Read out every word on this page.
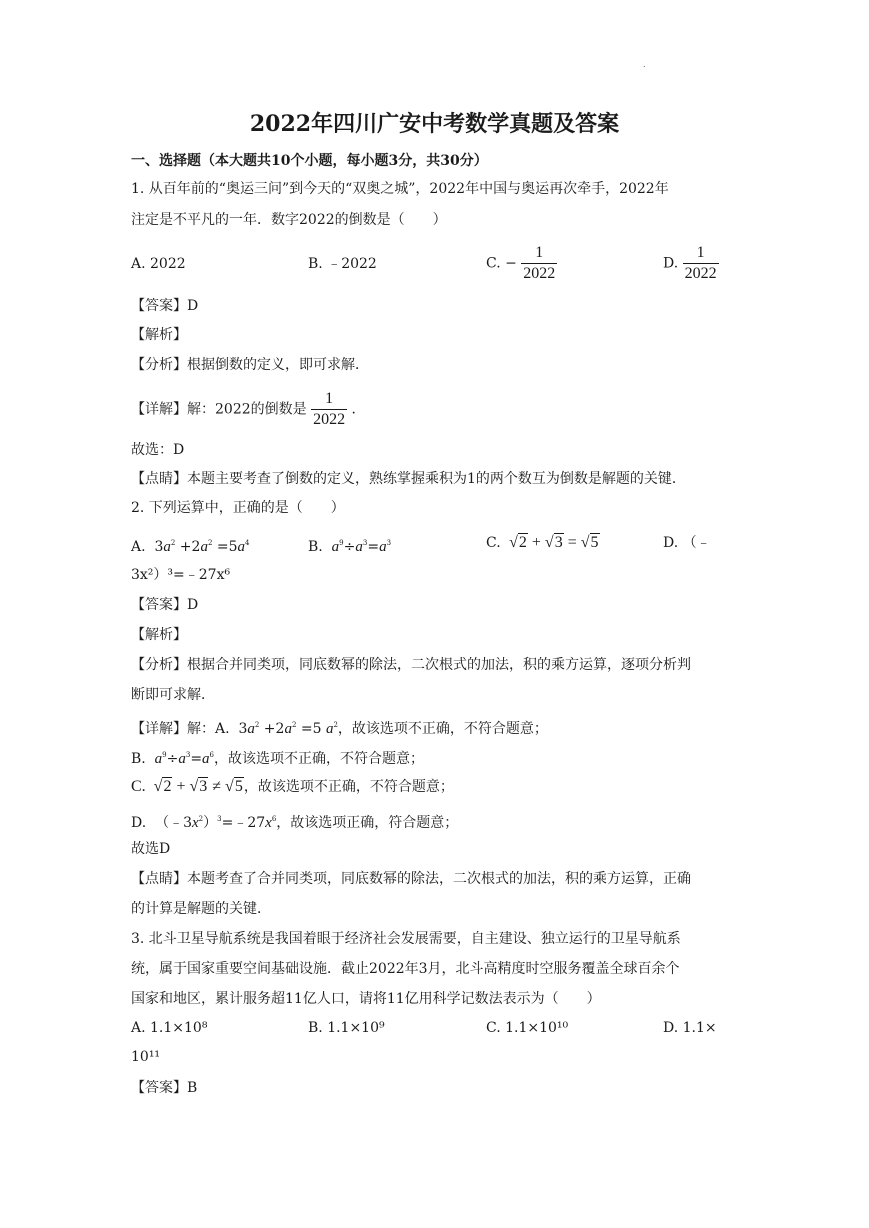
.
2022年四川广安中考数学真题及答案
一、选择题（本大题共10个小题，每小题3分，共30分）
1. 从百年前的“奥运三问”到今天的“双奥之城”，2022年中国与奥运再次牵手，2022年
注定是不平凡的一年．数字2022的倒数是（　　）
A. 2022	B. ﹣2022	C. − $\frac{1}{2022}$	D. $\frac{1}{2022}$
【答案】D
【解析】
【分析】根据倒数的定义，即可求解．
【详解】解：2022的倒数是 $\frac{1}{2022}$ ．
故选：D
【点睛】本题主要考查了倒数的定义，熟练掌握乘积为1的两个数互为倒数是解题的关键．
2. 下列运算中，正确的是（　　）
A.  $3a^2 +2a^2 =5a^4$	B. $a^9\div a^3=a^3$	C.  √2 + √3 = √5	D. （﹣
3x²）³=﹣27x⁶
【答案】D
【解析】
【分析】根据合并同类项，同底数幂的除法，二次根式的加法，积的乘方运算，逐项分析判
断即可求解．
【详解】解：A.  $3a^2 +2a^2 =5$ $a^2$，故该选项不正确，不符合题意；
B.  $a^9\div a^3=a^6$，故该选项不正确，不符合题意；
C.  √2 + √3 ≠ √5，故该选项不正确，不符合题意；
D.  $(﹣3x^2)^3=﹣27x^6$，故该选项正确，符合题意；
故选D
【点睛】本题考查了合并同类项，同底数幂的除法，二次根式的加法，积的乘方运算，正确
的计算是解题的关键．
3. 北斗卫星导航系统是我国着眼于经济社会发展需要，自主建设、独立运行的卫星导航系
统，属于国家重要空间基础设施．截止2022年3月，北斗高精度时空服务覆盖全球百余个
国家和地区，累计服务超11亿人口，请将11亿用科学记数法表示为（　　）
A. 1.1×10⁸	B. 1.1×10⁹	C. 1.1×10¹⁰	D. 1.1×
10¹¹
【答案】B
